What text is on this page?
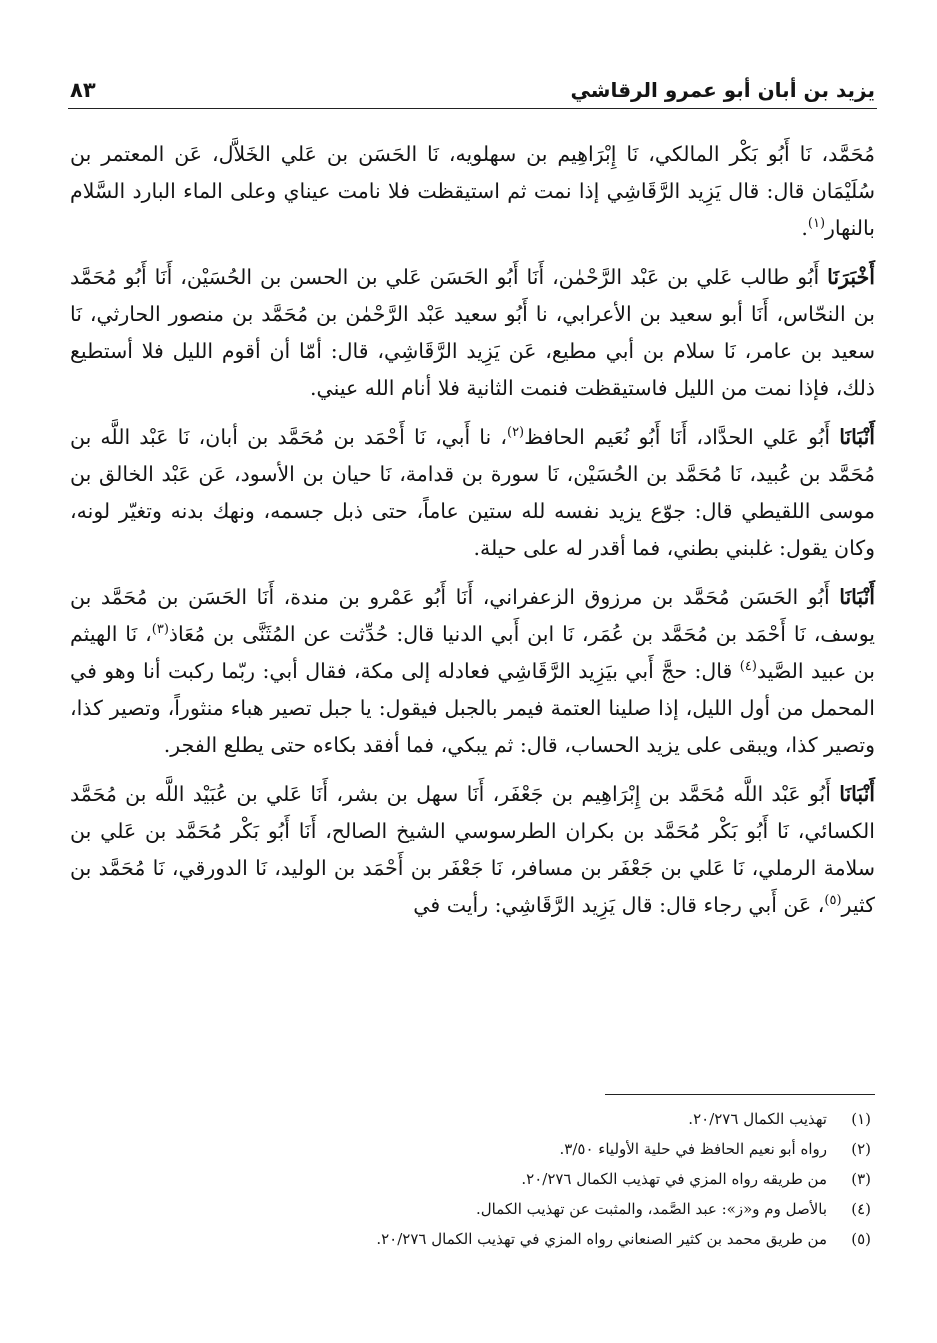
يزيد بن أبان أبو عمرو الرقاشي
٨٣

مُحَمَّد، نَا أَبُو بَكْر المالكي، نَا إِبْرَاهِيم بن سهلويه، نَا الحَسَن بن عَلي الخَلاَّل، عَن المعتمر بن سُلَيْمَان قال: قال يَزِيد الرَّقَاشِي إذا نمت ثم استيقظت فلا نامت عيناي وعلى الماء البارد السَّلام بالنهار$^{(١)}$.

أَخْبَرَنَا أَبُو طالب عَلي بن عَبْد الرَّحْمٰن، أَنَا أَبُو الحَسَن عَلي بن الحسن بن الحُسَيْن، أَنَا أَبُو مُحَمَّد بن النحّاس، أَنَا أبو سعيد بن الأعرابي، نا أَبُو سعيد عَبْد الرَّحْمٰن بن مُحَمَّد بن منصور الحارثي، نَا سعيد بن عامر، نَا سلام بن أبي مطيع، عَن يَزِيد الرَّقَاشِي، قال: أمّا أن أقوم الليل فلا أستطيع ذلك، فإذا نمت من الليل فاستيقظت فنمت الثانية فلا أنام الله عيني.

أَنْبَانَا أَبُو عَلي الحدَّاد، أَنَا أَبُو نُعَيم الحافظ$^{(٢)}$، نا أَبي، نَا أَحْمَد بن مُحَمَّد بن أبان، نَا عَبْد اللَّه بن مُحَمَّد بن عُبيد، نَا مُحَمَّد بن الحُسَيْن، نَا سورة بن قدامة، نَا حيان بن الأسود، عَن عَبْد الخالق بن موسى اللقيطي قال: جوّع يزيد نفسه لله ستين عاماً، حتى ذبل جسمه، ونهك بدنه وتغيّر لونه، وكان يقول: غلبني بطني، فما أقدر له على حيلة.

أَنْبَانَا أَبُو الحَسَن مُحَمَّد بن مرزوق الزعفراني، أَنَا أَبُو عَمْرو بن مندة، أَنَا الحَسَن بن مُحَمَّد بن يوسف، نَا أَحْمَد بن مُحَمَّد بن عُمَر، نَا ابن أَبي الدنيا قال: حُدِّثت عن المُثَنَّى بن مُعَاذ$^{(٣)}$، نَا الهيثم بن عبيد الصَّيد$^{(٤)}$ قال: حجَّ أَبي بيَزِيد الرَّقَاشِي فعادله إلى مكة، فقال أبي: ربّما ركبت أنا وهو في المحمل من أول الليل، إذا صلينا العتمة فيمر بالجبل فيقول: يا جبل تصير هباء منثوراً، وتصير كذا، وتصير كذا، ويبقى على يزيد الحساب، قال: ثم يبكي، فما أفقد بكاءه حتى يطلع الفجر.

أَنْبَانَا أَبُو عَبْد اللَّه مُحَمَّد بن إِبْرَاهِيم بن جَعْفَر، أَنَا سهل بن بشر، أَنَا عَلي بن عُبَيْد اللَّه بن مُحَمَّد الكسائي، نَا أَبُو بَكْر مُحَمَّد بن بكران الطرسوسي الشيخ الصالح، أَنَا أَبُو بَكْر مُحَمَّد بن عَلي بن سلامة الرملي، نَا عَلي بن جَعْفَر بن مسافر، نَا جَعْفَر بن أَحْمَد بن الوليد، نَا الدورقي، نَا مُحَمَّد بن كثير$^{(٥)}$، عَن أَبي رجاء قال: قال يَزِيد الرَّقَاشِي: رأيت في

(١)
تهذيب الكمال ٢٠/٢٧٦.
(٢)
رواه أبو نعيم الحافظ في حلية الأولياء ٣/٥٠.
(٣)
من طريقه رواه المزي في تهذيب الكمال ٢٠/٢٧٦.
(٤)
بالأصل وم و«ز»: عبد الصَّمد، والمثبت عن تهذيب الكمال.
(٥)
من طريق محمد بن كثير الصنعاني رواه المزي في تهذيب الكمال ٢٠/٢٧٦.
